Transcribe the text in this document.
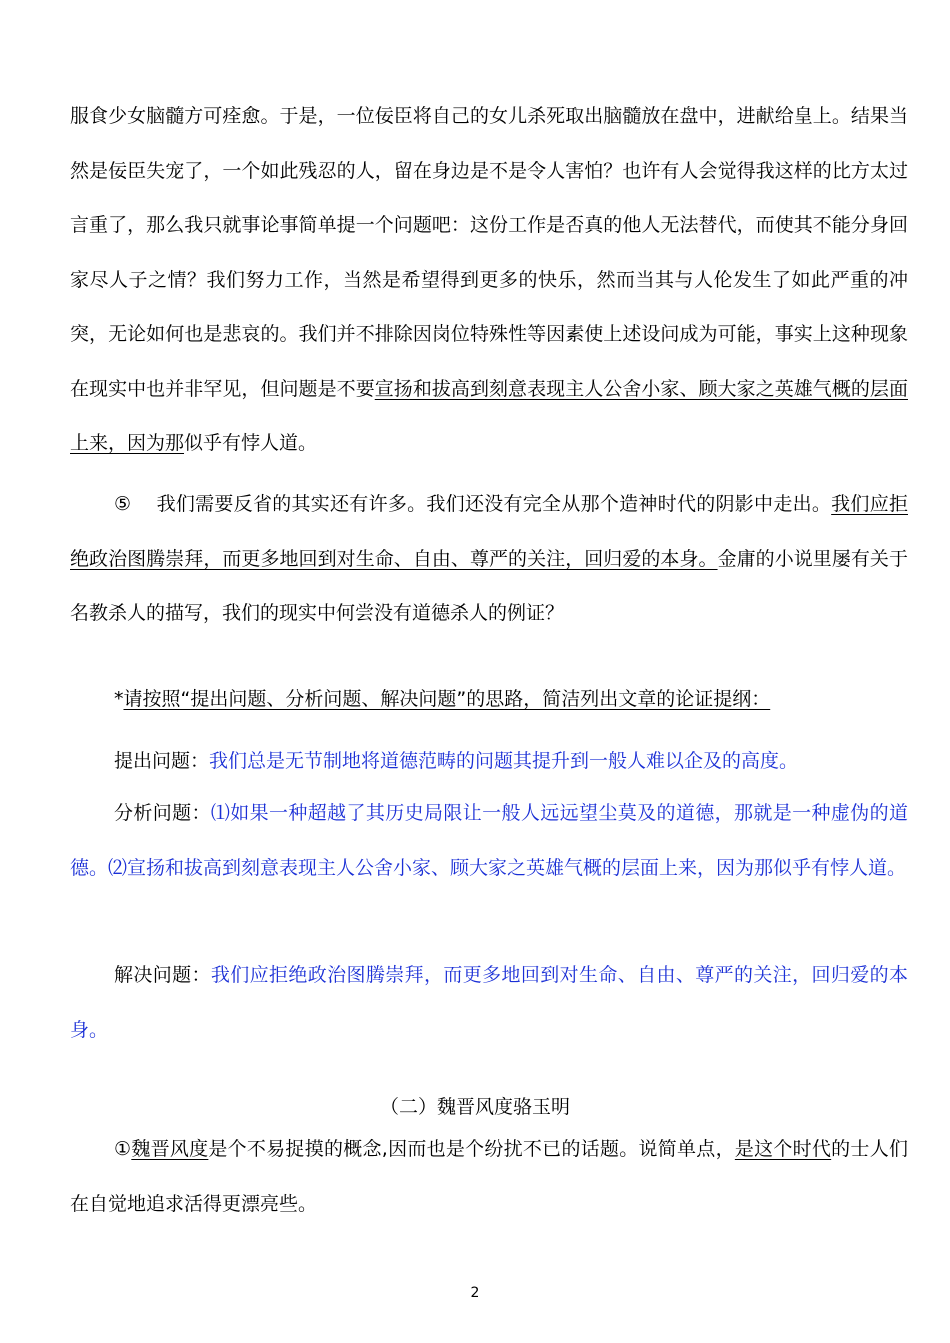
服食少女脑髓方可痊愈。于是，一位佞臣将自己的女儿杀死取出脑髓放在盘中，进献给皇上。结果当然是佞臣失宠了，一个如此残忍的人，留在身边是不是令人害怕？也许有人会觉得我这样的比方太过言重了，那么我只就事论事简单提一个问题吧：这份工作是否真的他人无法替代，而使其不能分身回家尽人子之情？我们努力工作，当然是希望得到更多的快乐，然而当其与人伦发生了如此严重的冲突，无论如何也是悲哀的。我们并不排除因岗位特殊性等因素使上述设问成为可能，事实上这种现象在现实中也并非罕见，但问题是不要宣扬和拔高到刻意表现主人公舍小家、顾大家之英雄气概的层面上来，因为那似乎有悖人道。

⑤ 我们需要反省的其实还有许多。我们还没有完全从那个造神时代的阴影中走出。我们应拒绝政治图腾崇拜，而更多地回到对生命、自由、尊严的关注，回归爱的本身。金庸的小说里屡有关于名教杀人的描写，我们的现实中何尝没有道德杀人的例证？

*请按照“提出问题、分析问题、解决问题”的思路，简洁列出文章的论证提纲：

提出问题：我们总是无节制地将道德范畴的问题其提升到一般人难以企及的高度。

分析问题：⑴如果一种超越了其历史局限让一般人远远望尘莫及的道德，那就是一种虚伪的道德。⑵宣扬和拔高到刻意表现主人公舍小家、顾大家之英雄气概的层面上来，因为那似乎有悖人道。

解决问题：我们应拒绝政治图腾崇拜，而更多地回到对生命、自由、尊严的关注，回归爱的本身。

（二）魏晋风度骆玉明

①魏晋风度是个不易捉摸的概念,因而也是个纷扰不已的话题。说简单点，是这个时代的士人们在自觉地追求活得更漂亮些。

2
